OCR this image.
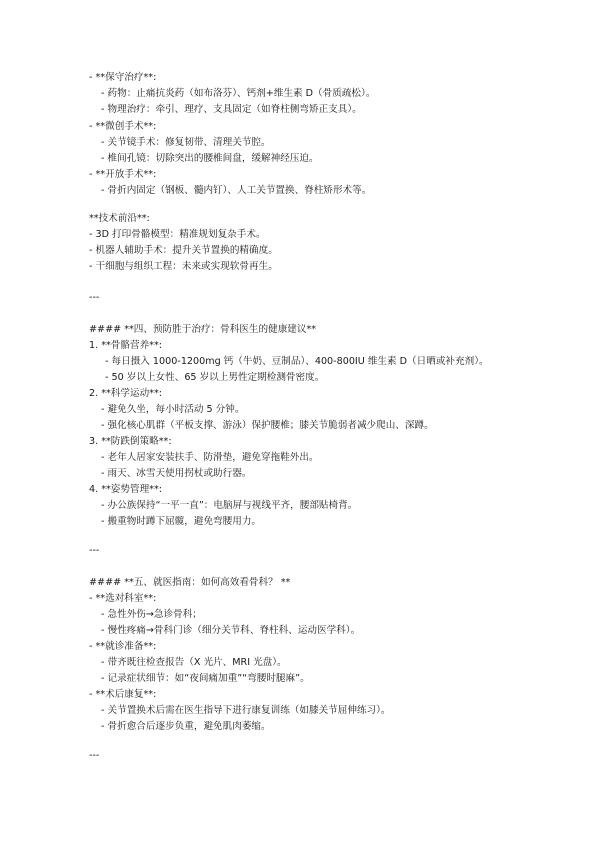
- **保守治疗**:
- 药物：止痛抗炎药（如布洛芬）、钙剂+维生素 D（骨质疏松）。
- 物理治疗：牵引、理疗、支具固定（如脊柱侧弯矫正支具）。
- **微创手术**:
- 关节镜手术：修复韧带、清理关节腔。
- 椎间孔镜：切除突出的腰椎间盘，缓解神经压迫。
- **开放手术**:
- 骨折内固定（钢板、髓内钉）、人工关节置换、脊柱矫形术等。
**技术前沿**:
- 3D 打印骨骼模型：精准规划复杂手术。
- 机器人辅助手术：提升关节置换的精确度。
- 干细胞与组织工程：未来或实现软骨再生。
---
#### **四、预防胜于治疗：骨科医生的健康建议**
1. **骨骼营养**:
- 每日摄入 1000-1200mg 钙（牛奶、豆制品）、400-800IU 维生素 D（日晒或补充剂）。
- 50 岁以上女性、65 岁以上男性定期检测骨密度。
2. **科学运动**:
- 避免久坐，每小时活动 5 分钟。
- 强化核心肌群（平板支撑、游泳）保护腰椎；膝关节脆弱者减少爬山、深蹲。
3. **防跌倒策略**:
- 老年人居家安装扶手、防滑垫，避免穿拖鞋外出。
- 雨天、冰雪天使用拐杖或助行器。
4. **姿势管理**:
- 办公族保持“一平一直”：电脑屏与视线平齐，腰部贴椅背。
- 搬重物时蹲下屈髋，避免弯腰用力。
---
#### **五、就医指南：如何高效看骨科？ **
- **选对科室**:
- 急性外伤→急诊骨科；
- 慢性疼痛→骨科门诊（细分关节科、脊柱科、运动医学科）。
- **就诊准备**:
- 带齐既往检查报告（X 光片、MRI 光盘）。
- 记录症状细节：如“夜间痛加重”“弯腰时腿麻”。
- **术后康复**:
- 关节置换术后需在医生指导下进行康复训练（如膝关节屈伸练习）。
- 骨折愈合后逐步负重，避免肌肉萎缩。
---
